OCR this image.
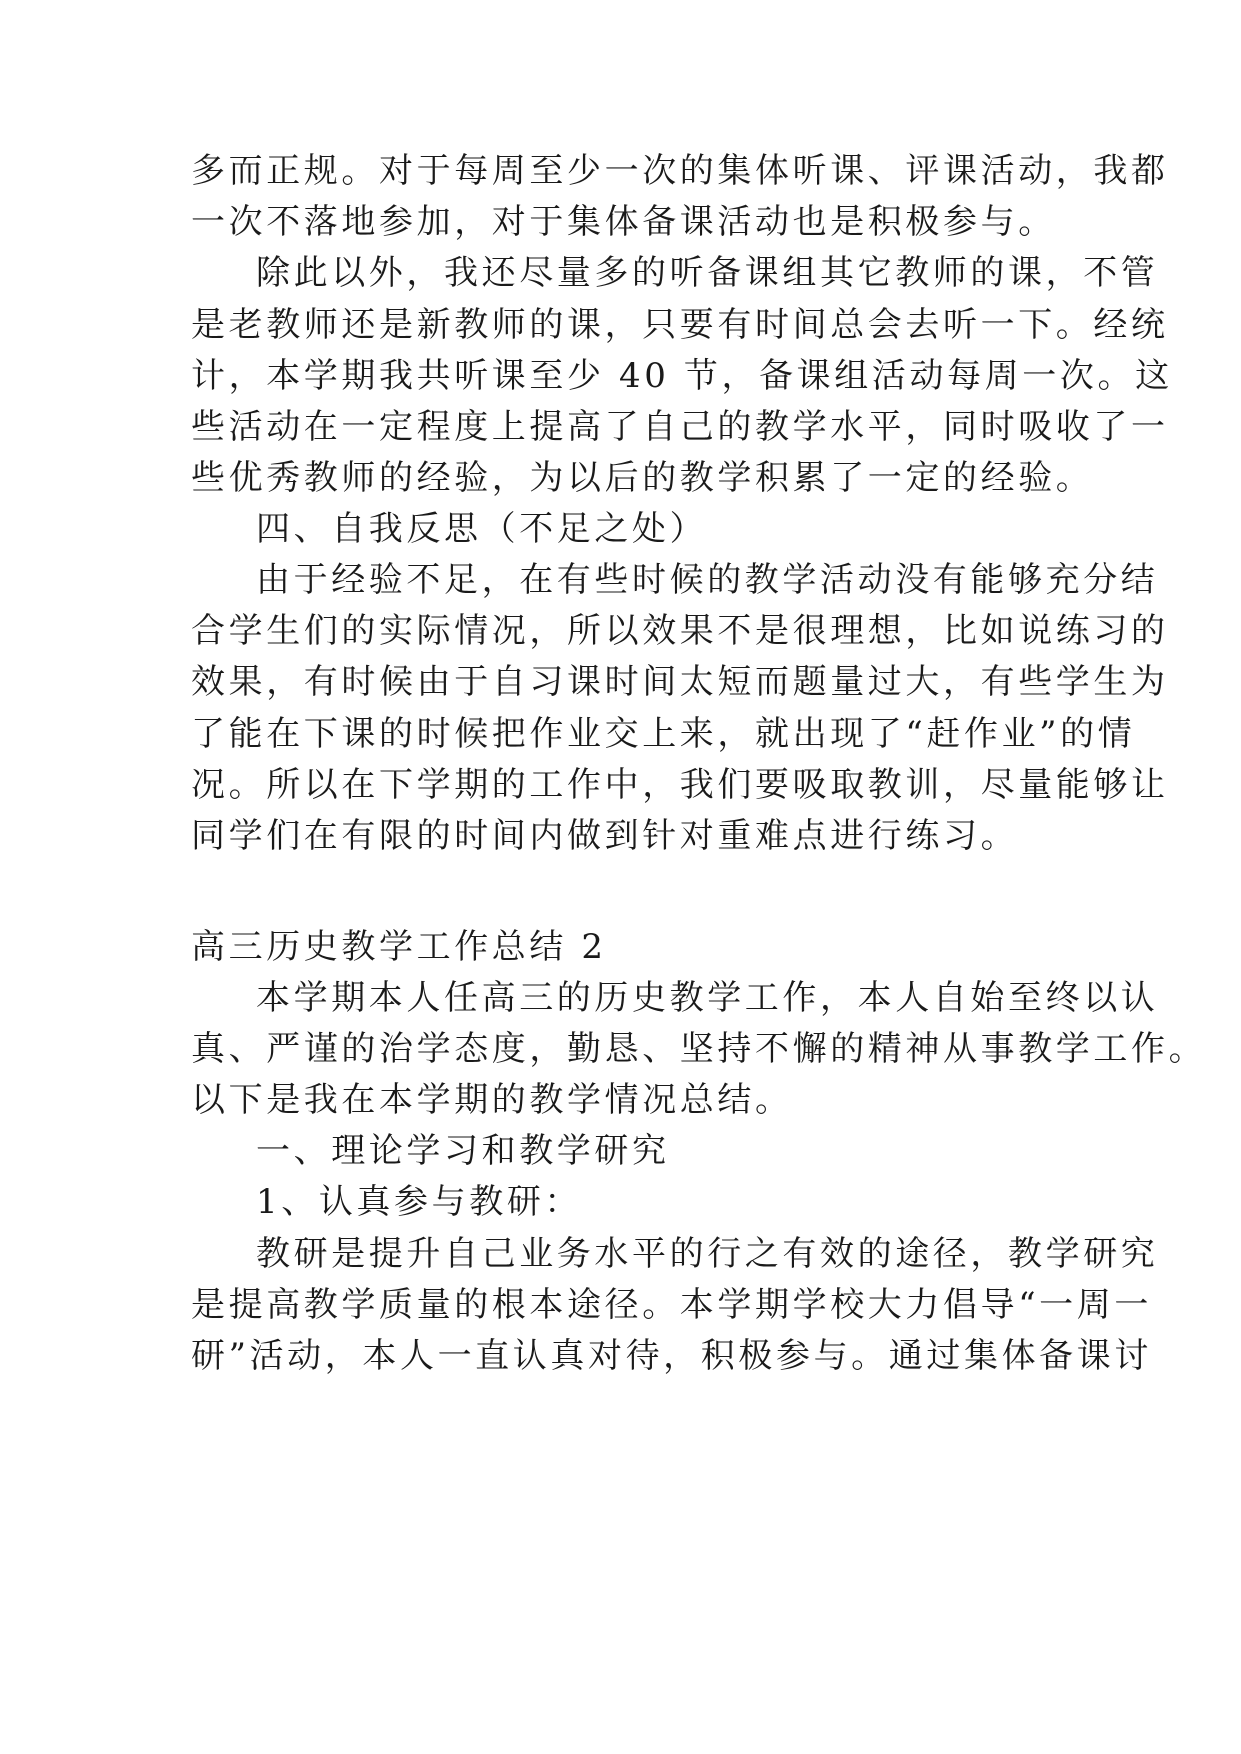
多而正规。对于每周至少一次的集体听课、评课活动，我都
一次不落地参加，对于集体备课活动也是积极参与。
除此以外，我还尽量多的听备课组其它教师的课，不管
是老教师还是新教师的课，只要有时间总会去听一下。经统
计，本学期我共听课至少 40 节，备课组活动每周一次。这
些活动在一定程度上提高了自己的教学水平，同时吸收了一
些优秀教师的经验，为以后的教学积累了一定的经验。
四、自我反思（不足之处）
由于经验不足，在有些时候的教学活动没有能够充分结
合学生们的实际情况，所以效果不是很理想，比如说练习的
效果，有时候由于自习课时间太短而题量过大，有些学生为
了能在下课的时候把作业交上来，就出现了“赶作业”的情
况。所以在下学期的工作中，我们要吸取教训，尽量能够让
同学们在有限的时间内做到针对重难点进行练习。
高三历史教学工作总结 2
本学期本人任高三的历史教学工作，本人自始至终以认
真、严谨的治学态度，勤恳、坚持不懈的精神从事教学工作。
以下是我在本学期的教学情况总结。
一、理论学习和教学研究
1、认真参与教研：
教研是提升自己业务水平的行之有效的途径，教学研究
是提高教学质量的根本途径。本学期学校大力倡导“一周一
研”活动，本人一直认真对待，积极参与。通过集体备课讨
